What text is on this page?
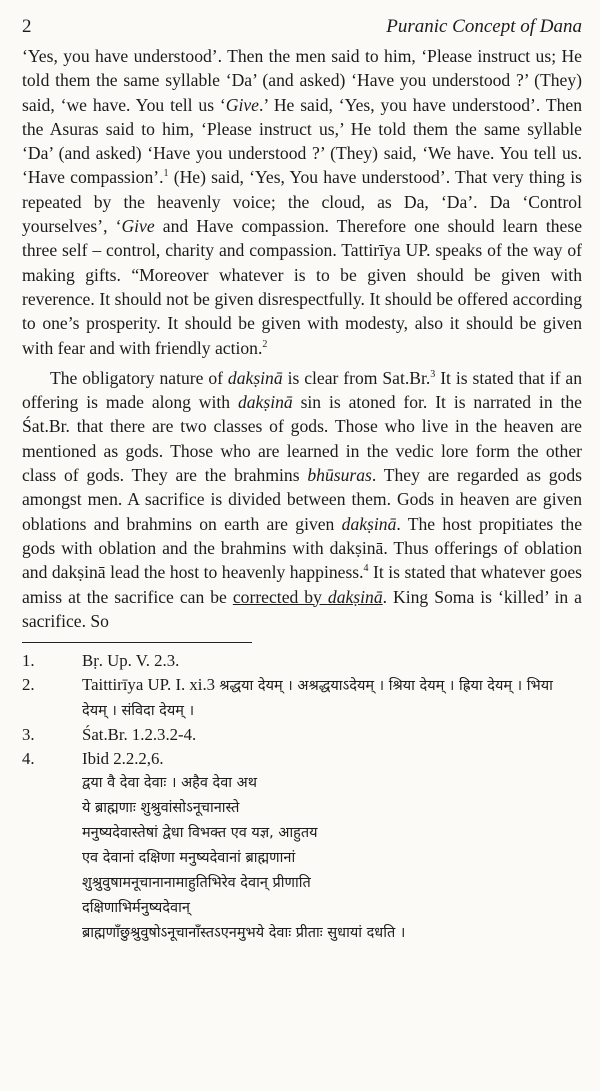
2	Puranic Concept of Dana

‘Yes, you have understood’. Then the men said to him, ‘Please instruct us; He told them the same syllable ‘Da’ (and asked) ‘Have you understood ?’ (They) said, ‘we have. You tell us ‘Give.’ He said, ‘Yes, you have understood’. Then the Asuras said to him, ‘Please instruct us,’ He told them the same syllable ‘Da’ (and asked) ‘Have you understood ?’ (They) said, ‘We have. You tell us. ‘Have compassion’.$^1$ (He) said, ‘Yes, You have understood’. That very thing is repeated by the heavenly voice; the cloud, as Da, ‘Da’. Da ‘Control yourselves’, ‘Give and Have compassion. Therefore one should learn these three self – control, charity and compassion. Tattirīya UP. speaks of the way of making gifts. “Moreover whatever is to be given should be given with reverence. It should not be given disrespectfully. It should be offered according to one’s prosperity. It should be given with modesty, also it should be given with fear and with friendly action.$^2$

The obligatory nature of dakṣinā is clear from Sat.Br.$^3$ It is stated that if an offering is made along with dakṣinā sin is atoned for. It is narrated in the Śat.Br. that there are two classes of gods. Those who live in the heaven are mentioned as gods. Those who are learned in the vedic lore form the other class of gods. They are the brahmins bhūsuras. They are regarded as gods amongst men. A sacrifice is divided between them. Gods in heaven are given oblations and brahmins on earth are given dakṣinā. The host propitiates the gods with oblation and the brahmins with dakṣinā. Thus offerings of oblation and dakṣinā lead the host to heavenly happiness.$^4$ It is stated that whatever goes amiss at the sacrifice can be corrected by dakṣinā. King Soma is ‘killed’ in a sacrifice. So

1.	Bṛ. Up. V. 2.3.
2.	Taittirīya UP. I. xi.3 श्रद्धया देयम् । अश्रद्धयाऽदेयम् । श्रिया देयम् । ह्रिया देयम् । भिया देयम् । संविदा देयम् ।
3.	Śat.Br. 1.2.3.2-4.
4.	Ibid 2.2.2,6.
द्वया वै देवा देवाः । अहैव देवा अथ
ये ब्राह्मणाः शुश्रुवांसोऽनूचानास्ते
मनुष्यदेवास्तेषां द्वेधा विभक्त एव यज्ञ, आहुतय
एव देवानां दक्षिणा मनुष्यदेवानां ब्राह्मणानां
शुश्रुवुषामनूचानानामाहुतिभिरेव देवान् प्रीणाति
दक्षिणाभिर्मनुष्यदेवान्
ब्राह्मणाँछुश्रुवुषोऽनूचानाँस्तऽएनमुभये देवाः प्रीताः सुधायां दधति ।
